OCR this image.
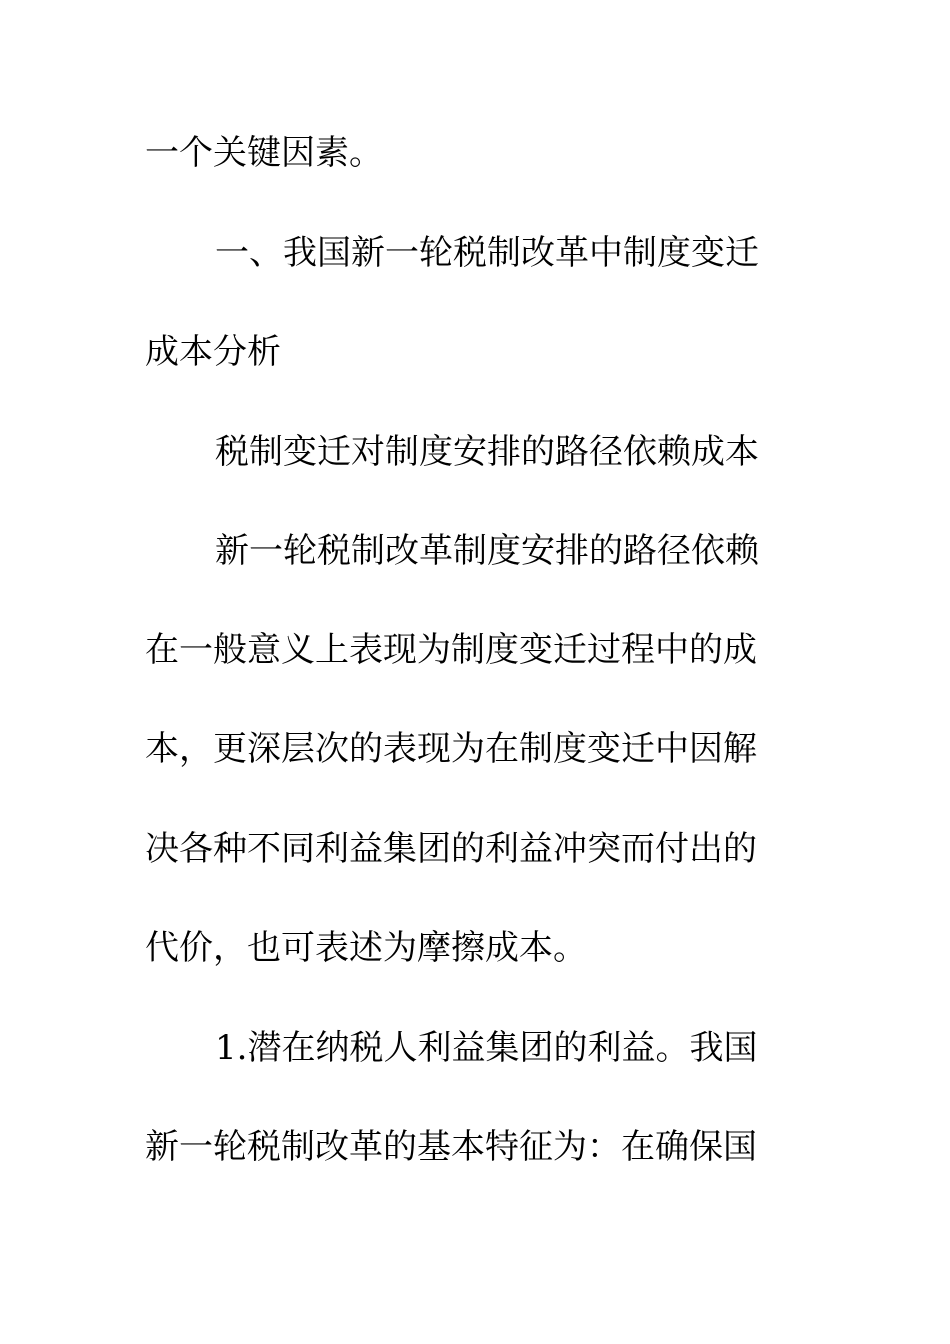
一个关键因素。
一、我国新一轮税制改革中制度变迁
成本分析
税制变迁对制度安排的路径依赖成本
新一轮税制改革制度安排的路径依赖
在一般意义上表现为制度变迁过程中的成
本，更深层次的表现为在制度变迁中因解
决各种不同利益集团的利益冲突而付出的
代价，也可表述为摩擦成本。
1.潜在纳税人利益集团的利益。我国
新一轮税制改革的基本特征为：在确保国
